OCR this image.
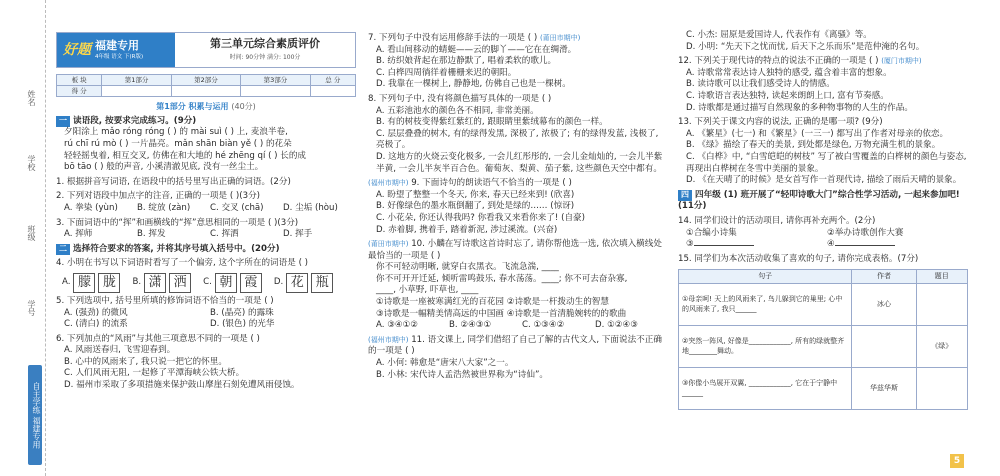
姓名
学校
班级
学号
自主学练 福建专用
好题 福建专用
4年级 语文 下(R版)
第三单元综合素质评价
时间: 90分钟 满分: 100分
板 块	第1部分	第2部分	第3部分	总 分
得 分				
第1部分 积累与运用 (40分)
一 读语段, 按要求完成练习。(9分)
夕阳涂上 mǎo róng róng ( ) 的 mài suì ( ) 上, 麦浪半卷,
rú chī rú mò ( ) 一片晶亮。mǎn shān biàn yě ( ) 的花朵
轻轻摇曳着, 相互交叉, 仿佛在和大地的 hé ‌zhēng qí ( ) 长的成
bō tāo ( ) 般的声音, 小溪清澈见底, 没有一丝尘土。
1. 根据拼音写词语, 在语段中的括号里写出正确的词语。(2分)
2. 下列对语段中加点字的注音, 正确的一项是 ( )(3分)
A. 拳染 (yùn)	B. 绽放 (zàn)	C. 交叉 (chā)	D. 尘垢 (hòu)
3. 下面词语中的“挥”和画横线的“挥”意思相同的一项是 ( )(3分)
A. 挥师	B. 挥发	C. 挥洒	D. 挥手
二 选择符合要求的答案, 并将其序号填入括号中。(20分)
4. 小明在书写以下词语时看写了一个偏旁, 这个字所在的词语是 ( )
A. 朦 胧	B. 潇 洒	C. 朝 霞	D. 花 瓶
5. 下列选项中, 括号里所填的修饰词语不恰当的一项是 ( )
A. (强劲) 的微风	B. (晶亮) 的露珠
C. (清白) 的流系	D. (银色) 的光华
6. 下列加点的“风雨”与其他三项意思不同的一项是 ( )
A. 风雨送春归, 飞雪迎春到。
B. 心中的风雨来了, 我只说一把它的怀里。
C. 人们风雨无阻, 一起修了平潭海峡公铁大桥。
D. 福州市采取了多项措施来保护鼓山摩崖石刻免遭风雨侵蚀。
7. 下列句子中没有运用修辞手法的一项是 ( ) (莆田市期中)
A. 看山间移动的蜻蜓——云的脚丫——它在在绸滑。
B. 纺织娘背起在那边静默了, 唱着柔软的歌儿。
C. 白桦四周徜徉着栅栅来迟的朝阳。
D. 我靠在一棵树上, 静静地, 仿佛自己也是一棵树。
8. 下列句子中, 没有将颜色描写具体的一项是 ( )
A. 五彩池池水的颜色各不相同, 非常美丽。
B. 有的树枝变得紫红紫红的, 跟眼睛里紫绒幕布的颜色一样。
C. 层层叠叠的树木, 有的绿得发黑, 深极了, 浓极了; 有的绿得发蓝, 浅极了, 亮极了。
D. 这地方的火烧云变化极多, 一会儿红彤彤的, 一会儿金灿灿的, 一会儿半紫半黄, 一会儿半灰半百合色。葡萄灰、梨黄、茄子紫, 这些颜色天空中都有。
(福州市期中) 9. 下面诗句的朗读语气不恰当的一项是 ( )
A. 盼望了整整一个冬天, 你来, 春天已经来到! (欣喜)
B. 好像绿色的墨水瓶倒翻了, 到处是绿的…… (惊讶)
C. 小花朵, 你还认得我吗? 你看我又来看你来了! (自豪)
D. 赤着脚, 携着手, 踏着新泥, 涉过溪流。(兴奋)
(莆田市期中) 10. 小麟在写诗歌这首诗时忘了, 请你帮他选一选, 依次填入横线处最恰当的一项是 ( )
你不可轻动明晰, 就穿白衣黑衣。飞流急湍, ____
你不可开开迁延, 倾听雷鸣鼓乐, 春水荡荡。____; 你不可去奋杂寡,
____, 小草野, 吓草也, ____
①诗歌是一座被寒满红光的百花园 ②诗歌是一杆拨动生的智慧
③诗歌是一幅精美情高远的中国画 ④诗歌是一首清脆婉转的的歌曲
A. ③④①②	B. ②④③①	C. ①③④②	D. ①②④③
(福州市期中) 11. 语文课上, 同学们借绍了自己了解的古代文人, 下面说法不正确的一项是 ( )
A. 小何: 韩愈是“唐宋八大家”之一。
B. 小林: 宋代诗人孟浩然被世界称为“诗仙”。
C. 小杰: 屈原是爱国诗人, 代表作有《离骚》等。
D. 小明: “先天下之忧而忧, 后天下之乐而乐”是范仲淹的名句。
12. 下列关于现代诗的特点的说法不正确的一项是 ( ) (厦门市期中)
A. 诗歌常常表达诗人独特的感受, 蕴含着丰富的想象。
B. 读诗歌可以让我们感受诗人的情感。
C. 诗歌语言表达独特, 读起来朗朗上口, 富有节奏感。
D. 诗歌都是通过描写自然现象的多种物事物的人生的作品。
13. 下列关于课文内容的说法, 正确的是哪一项? (9分)
A. 《繁星》(七一) 和《繁星》(一三一) 都写出了作者对母亲的依恋。
B. 《绿》描绘了春天的美景, 到处都是绿色, 万物充满生机的景象。
C. 《白桦》中, “白雪皑皑的树枝” 写了被白雪覆盖的白桦树的颜色与姿态, 再现出白桦树在冬雪中美丽的景象。
D. 《在天晴了的时候》是女首写作一首现代诗, 描绘了雨后天晴的景象。
四 四年级 (1) 班开展了“轻叩诗歌大门”综合性学习活动, 一起来参加吧! (11分)
14. 同学们设计的活动项目, 请你再补充两个。(2分)
①合编小诗集	②举办诗歌创作大赛
③	④
15. 同学们为本次活动收集了喜欢的句子, 请你完成表格。(7分)
句子	作者	题目
①母亲呵! 天上的风雨来了, 鸟儿躲到它的巢里; 心中的风雨来了, 我只______	冰心	
②突然一阵风, 好像是____________, 所有的绿就整齐地________舞动。		《绿》
③你像小鸟展开双翼, ____________, 它在于宁静中______	华兹华斯	
5
